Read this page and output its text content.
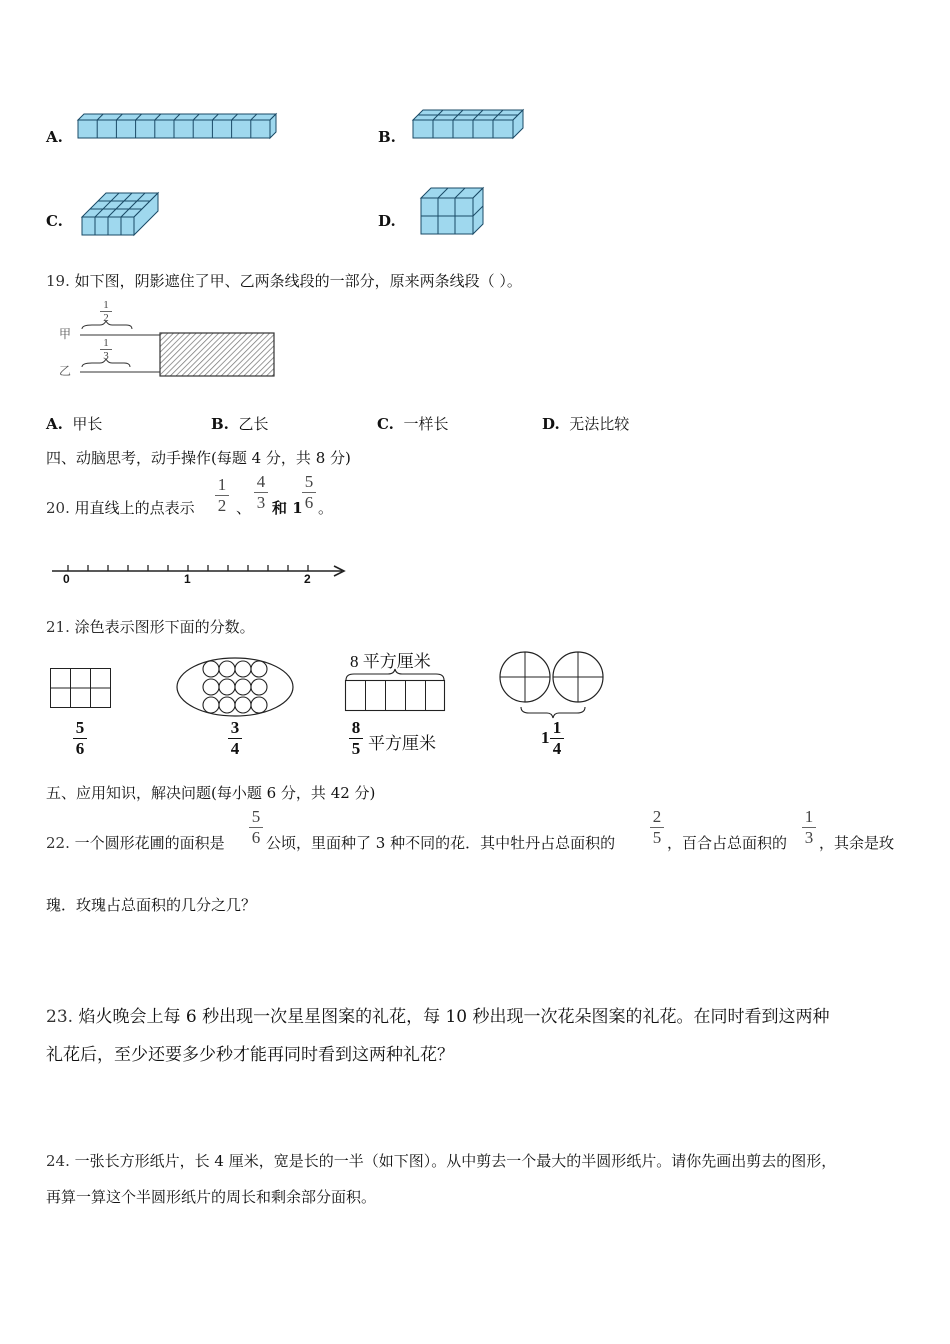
A.	B.
C.	D.
19. 如下图，阴影遮住了甲、乙两条线段的一部分，原来两条线段（ ）。
甲
乙
1
2
1
3
A. 甲长	B. 乙长	C. 一样长	D. 无法比较
四、动脑思考，动手操作(每题 4 分，共 8 分)
20. 用直线上的点表示
1
2 、
4
3 和 1
5
6 。
0	1	2
21. 涂色表示图形下面的分数。
5
6
3
4
8 平方厘米
8
5 平方厘米	1
1
4
五、应用知识，解决问题(每小题 6 分，共 42 分)
22. 一个圆形花圃的面积是
5
6 公顷，里面种了 3 种不同的花．其中牡丹占总面积的
2
5 ，百合占总面积的
1
3 ，其余是玫
瑰．玫瑰占总面积的几分之几？
23. 焰火晚会上每 6 秒出现一次星星图案的礼花，每 10 秒出现一次花朵图案的礼花。在同时看到这两种
礼花后，至少还要多少秒才能再同时看到这两种礼花？
24. 一张长方形纸片，长 4 厘米，宽是长的一半（如下图）。从中剪去一个最大的半圆形纸片。请你先画出剪去的图形，
再算一算这个半圆形纸片的周长和剩余部分面积。
